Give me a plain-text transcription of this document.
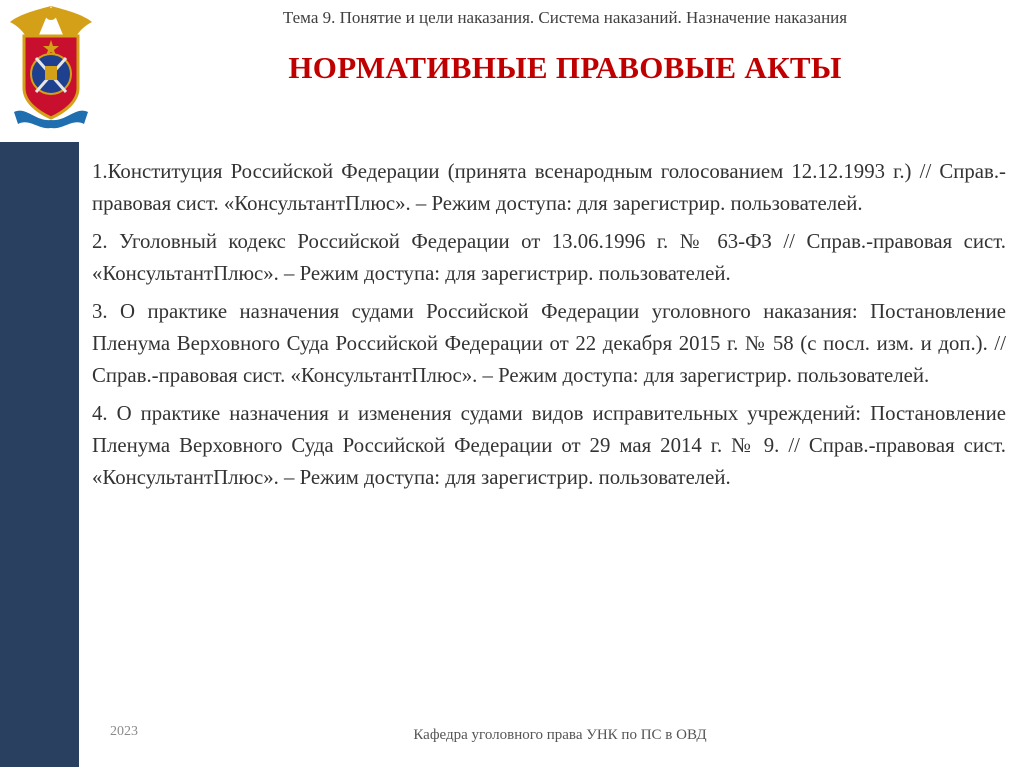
Тема 9. Понятие и цели наказания. Система наказаний. Назначение наказания
НОРМАТИВНЫЕ ПРАВОВЫЕ АКТЫ

1.Конституция Российской Федерации (принята всенародным голосованием 12.12.1993 г.) // Справ.-правовая сист. «КонсультантПлюс». – Режим доступа: для зарегистрир. пользователей.

2. Уголовный кодекс Российской Федерации от 13.06.1996 г. № 63-ФЗ // Справ.-правовая сист. «КонсультантПлюс». – Режим доступа: для зарегистрир. пользователей.

3. О практике назначения судами Российской Федерации уголовного наказания: Постановление Пленума Верховного Суда Российской Федерации от 22 декабря 2015 г. № 58 (с посл. изм. и доп.). // Справ.-правовая сист. «КонсультантПлюс». – Режим доступа: для зарегистрир. пользователей.

4. О практике назначения и изменения судами видов исправительных учреждений: Постановление Пленума Верховного Суда Российской Федерации от 29 мая 2014 г. № 9. // Справ.-правовая сист. «КонсультантПлюс». – Режим доступа: для зарегистрир. пользователей.

2023	Кафедра уголовного права УНК по ПС в ОВД
